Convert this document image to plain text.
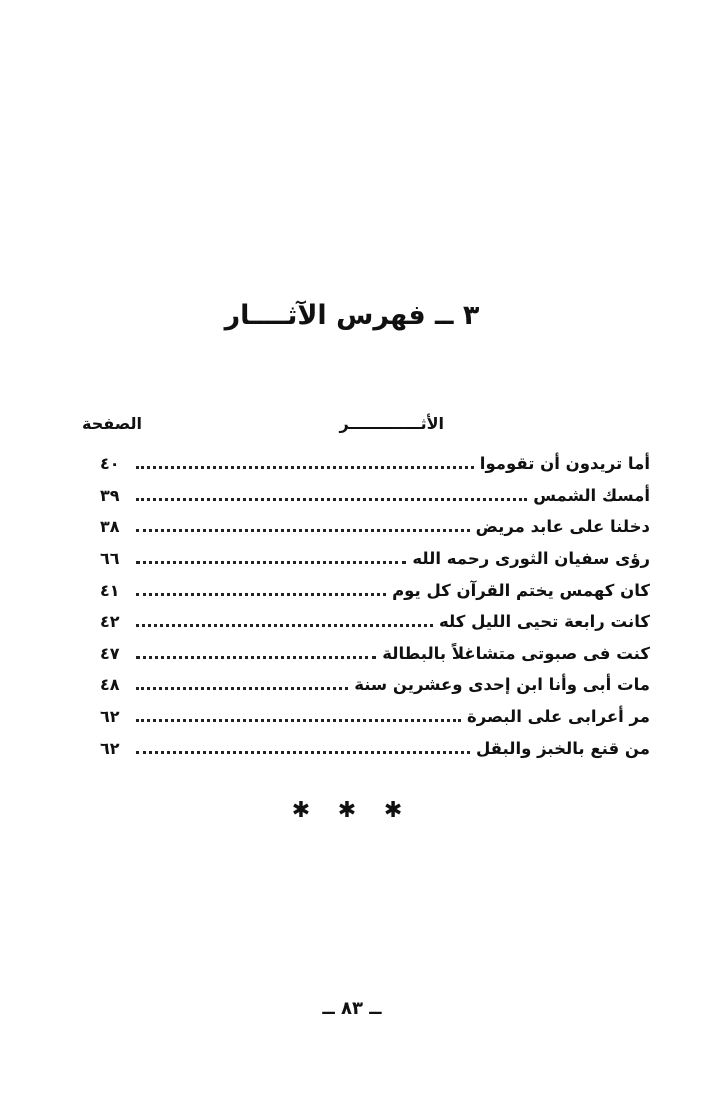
٣ ــ فهرس الآثــــار
الأثـــــــــــــر
الصفحة
أما تريدون أن تقوموا
٤٠
أمسك الشمس
٣٩
دخلنا على عابد مريض
٣٨
رؤى سفيان الثورى رحمه الله
٦٦
كان كهمس يختم القرآن كل يوم
٤١
كانت رابعة تحيى الليل كله
٤٢
كنت فى صبوتى متشاغلاً بالبطالة
٤٧
مات أبى وأنا ابن إحدى وعشرين سنة
٤٨
مر أعرابى على البصرة
٦٢
من قنع بالخبز والبقل
٦٢
✱ ✱ ✱
ــ ٨٣ ــ
